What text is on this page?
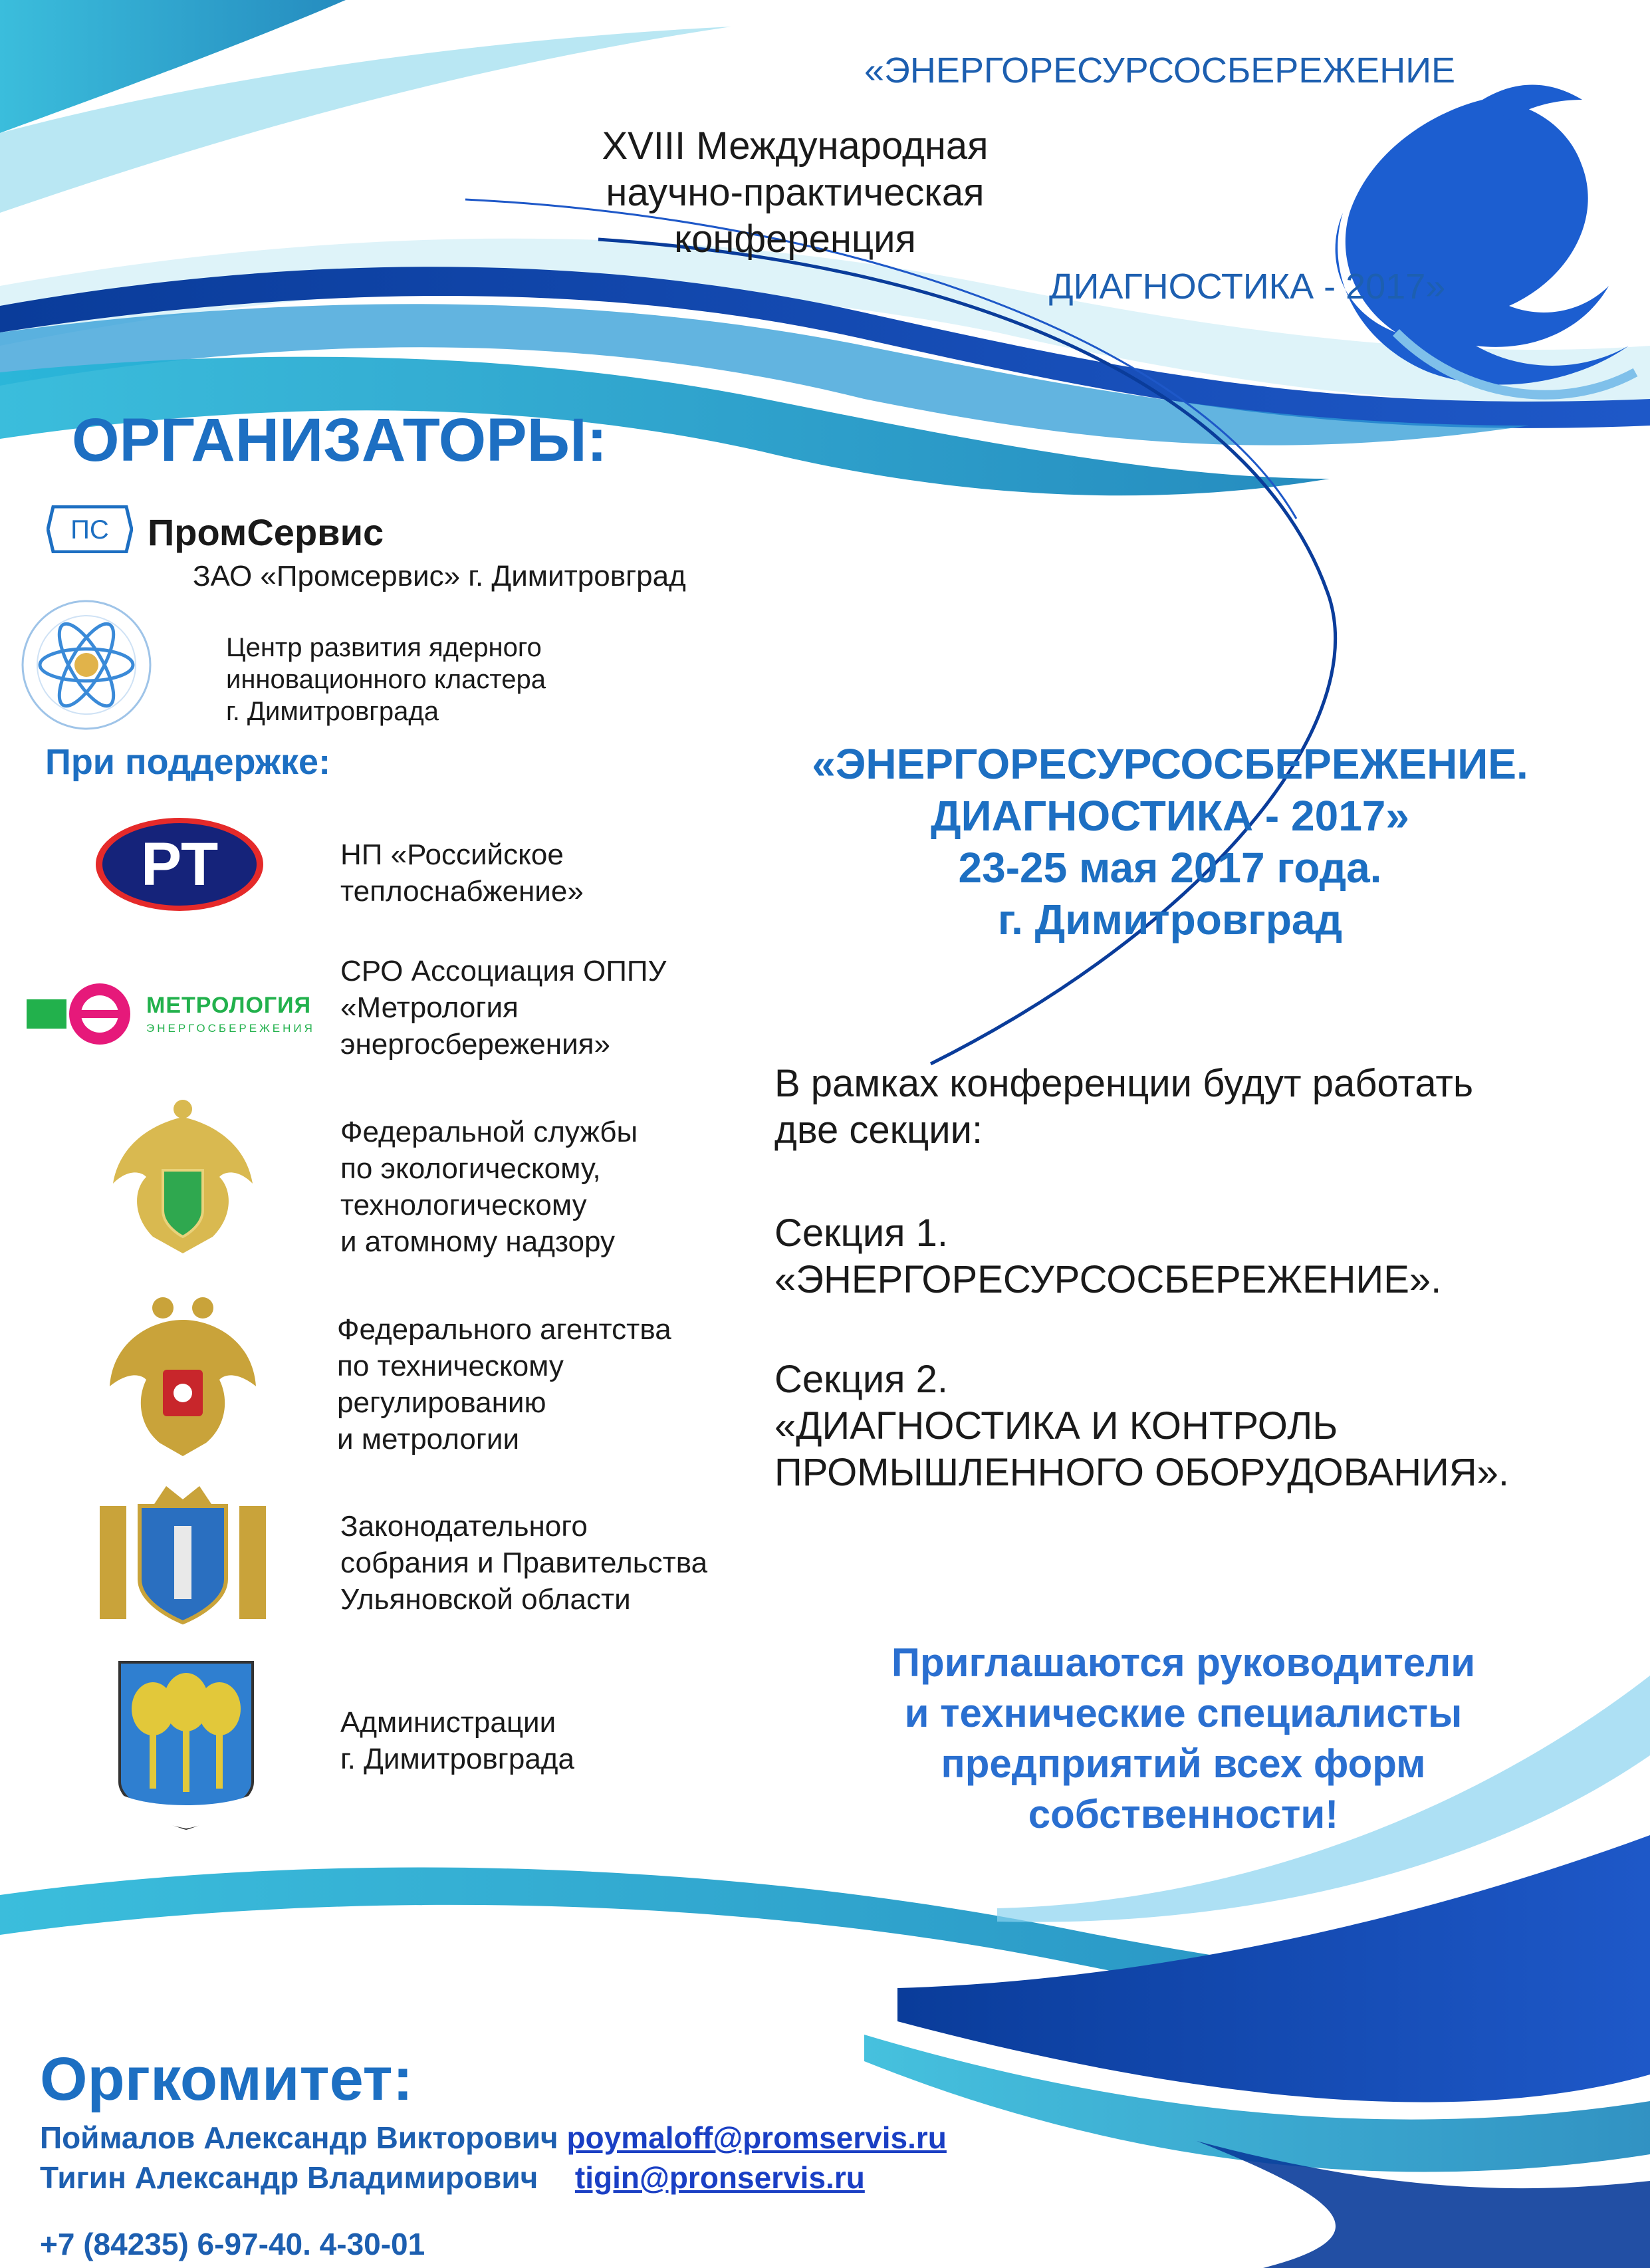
«ЭНЕРГОРЕСУРСОСБЕРЕЖЕНИЕ
ДИАГНОСТИКА - 2017»
XVIII Международная
научно-практическая
конференция
ОРГАНИЗАТОРЫ:
ПС ПромСервис
ЗАО «Промсервис» г. Димитровград
Центр развития ядерного
инновационного кластера
г. Димитровграда
При поддержке:
РТ	НП «Российское
теплоснабжение»
МЕТРОЛОГИЯ
ЭНЕРГОСБЕРЕЖЕНИЯ
СРО Ассоциация ОППУ
«Метрология
энергосбережения»
Федеральной службы
по экологическому,
технологическому
и атомному надзору
Федерального агентства
по техническому
регулированию
и метрологии
Законодательного
собрания и Правительства
Ульяновской области
Администрации
г. Димитровграда
«ЭНЕРГОРЕСУРСОСБЕРЕЖЕНИЕ.
ДИАГНОСТИКА - 2017»
23-25 мая 2017 года.
г. Димитровград
В рамках конференции будут работать
две секции:
Секция 1.
«ЭНЕРГОРЕСУРСОСБЕРЕЖЕНИЕ».
Секция 2.
«ДИАГНОСТИКА И КОНТРОЛЬ
ПРОМЫШЛЕННОГО ОБОРУДОВАНИЯ».
Приглашаются руководители
и технические специалисты
предприятий всех форм
собственности!
Оргкомитет:
Поймалов Александр Викторович poymaloff@promservis.ru
Тигин Александр Владимирович tigin@pronservis.ru
+7 (84235) 6-97-40. 4-30-01
